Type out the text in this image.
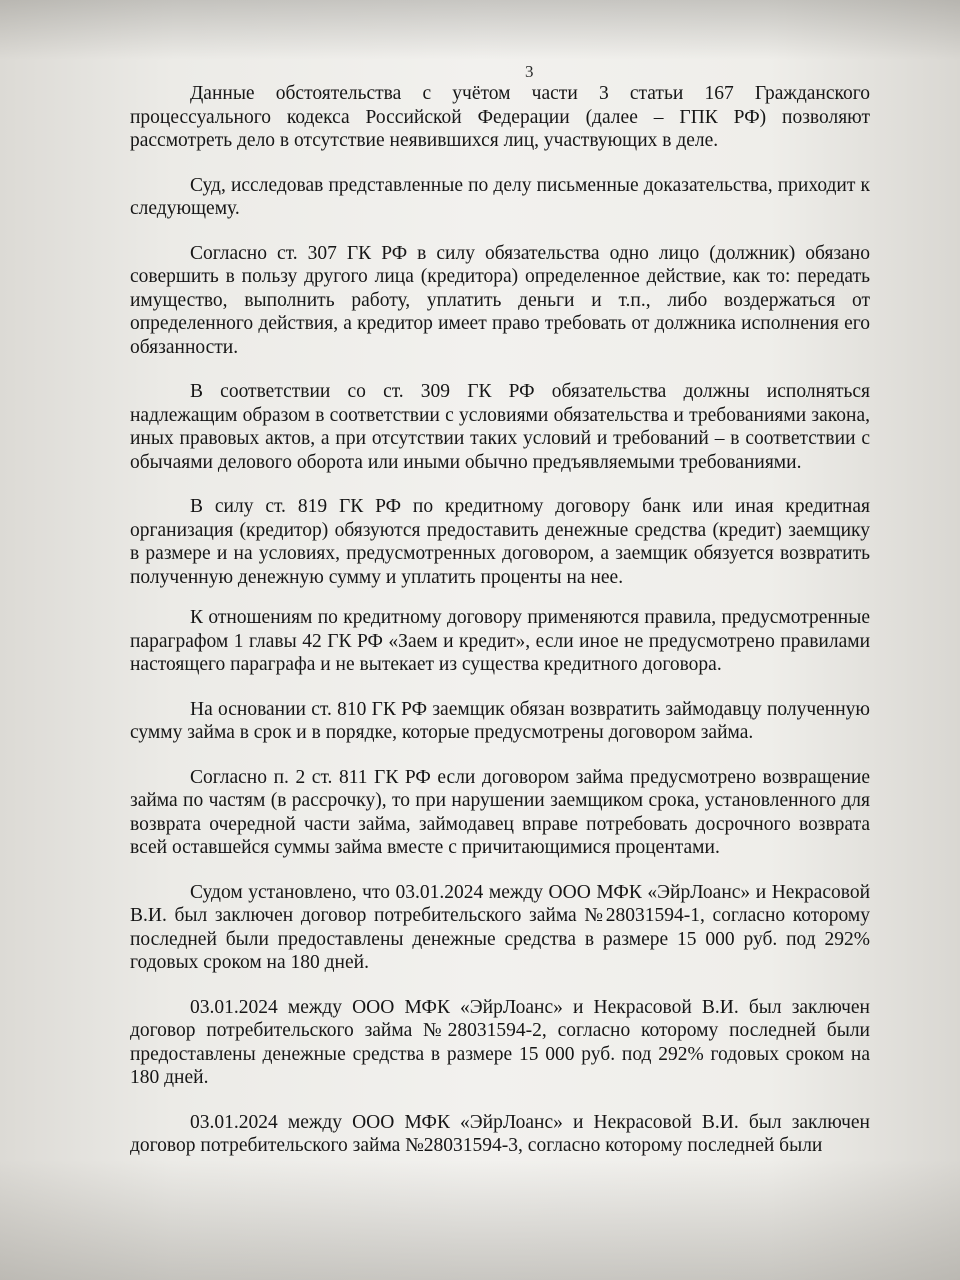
3

Данные обстоятельства с учётом части 3 статьи 167 Гражданского процессуального кодекса Российской Федерации (далее – ГПК РФ) позволяют рассмотреть дело в отсутствие неявившихся лиц, участвующих в деле.

Суд, исследовав представленные по делу письменные доказательства, приходит к следующему.

Согласно ст. 307 ГК РФ в силу обязательства одно лицо (должник) обязано совершить в пользу другого лица (кредитора) определенное действие, как то: передать имущество, выполнить работу, уплатить деньги и т.п., либо воздержаться от определенного действия, а кредитор имеет право требовать от должника исполнения его обязанности.

В соответствии со ст. 309 ГК РФ обязательства должны исполняться надлежащим образом в соответствии с условиями обязательства и требованиями закона, иных правовых актов, а при отсутствии таких условий и требований – в соответствии с обычаями делового оборота или иными обычно предъявляемыми требованиями.

В силу ст. 819 ГК РФ по кредитному договору банк или иная кредитная организация (кредитор) обязуются предоставить денежные средства (кредит) заемщику в размере и на условиях, предусмотренных договором, а заемщик обязуется возвратить полученную денежную сумму и уплатить проценты на нее.

К отношениям по кредитному договору применяются правила, предусмотренные параграфом 1 главы 42 ГК РФ «Заем и кредит», если иное не предусмотрено правилами настоящего параграфа и не вытекает из существа кредитного договора.

На основании ст. 810 ГК РФ заемщик обязан возвратить займодавцу полученную сумму займа в срок и в порядке, которые предусмотрены договором займа.

Согласно п. 2 ст. 811 ГК РФ если договором займа предусмотрено возвращение займа по частям (в рассрочку), то при нарушении заемщиком срока, установленного для возврата очередной части займа, займодавец вправе потребовать досрочного возврата всей оставшейся суммы займа вместе с причитающимися процентами.

Судом установлено, что 03.01.2024 между ООО МФК «ЭйрЛоанс» и Некрасовой В.И. был заключен договор потребительского займа №28031594-1, согласно которому последней были предоставлены денежные средства в размере 15 000 руб. под 292% годовых сроком на 180 дней.

03.01.2024 между ООО МФК «ЭйрЛоанс» и Некрасовой В.И. был заключен договор потребительского займа №28031594-2, согласно которому последней были предоставлены денежные средства в размере 15 000 руб. под 292% годовых сроком на 180 дней.

03.01.2024 между ООО МФК «ЭйрЛоанс» и Некрасовой В.И. был заключен договор потребительского займа №28031594-3, согласно которому последней были
